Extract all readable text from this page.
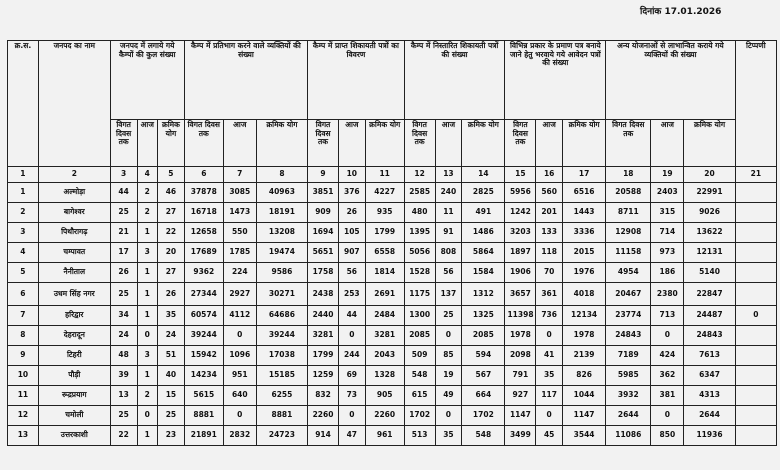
दिनांक 17.01.2026
क्र.स.	जनपद का नाम	जनपद में लगाये गये कैम्पों की कुल संख्या			कैम्प में प्रतिभाग करने वाले व्यक्तियों की संख्या			कैम्प में प्राप्त शिकायती पत्रों का विवरण			कैम्प में निस्तारित शिकायती पत्रों की संख्या			विभिन्न प्रकार के प्रमाण पत्र बनाये जाने हेतु भरवाये गये आवेदन पत्रों की संख्या			अन्य योजनाओं से लाभान्वित कराये गये व्यक्तियों की संख्या			टिप्पणी
		विगत दिवस तक	आज	क्रमिक योग	विगत दिवस तक	आज	क्रमिक योग	विगत दिवस तक	आज	क्रमिक योग	विगत दिवस तक	आज	क्रमिक योग	विगत दिवस तक	आज	क्रमिक योग	विगत दिवस तक	आज	क्रमिक योग	
1	2	3	4	5	6	7	8	9	10	11	12	13	14	15	16	17	18	19	20	21
1	अल्मोड़ा	44	2	46	37878	3085	40963	3851	376	4227	2585	240	2825	5956	560	6516	20588	2403	22991	
2	बागेश्वर	25	2	27	16718	1473	18191	909	26	935	480	11	491	1242	201	1443	8711	315	9026	
3	पिथौरागढ़	21	1	22	12658	550	13208	1694	105	1799	1395	91	1486	3203	133	3336	12908	714	13622	
4	चम्पावत	17	3	20	17689	1785	19474	5651	907	6558	5056	808	5864	1897	118	2015	11158	973	12131	
5	नैनीताल	26	1	27	9362	224	9586	1758	56	1814	1528	56	1584	1906	70	1976	4954	186	5140	
6	उधम सिंह नगर	25	1	26	27344	2927	30271	2438	253	2691	1175	137	1312	3657	361	4018	20467	2380	22847	
7	हरिद्वार	34	1	35	60574	4112	64686	2440	44	2484	1300	25	1325	11398	736	12134	23774	713	24487	0
8	देहरादून	24	0	24	39244	0	39244	3281	0	3281	2085	0	2085	1978	0	1978	24843	0	24843	
9	टिहरी	48	3	51	15942	1096	17038	1799	244	2043	509	85	594	2098	41	2139	7189	424	7613	
10	पौड़ी	39	1	40	14234	951	15185	1259	69	1328	548	19	567	791	35	826	5985	362	6347	
11	रूद्रप्रयाग	13	2	15	5615	640	6255	832	73	905	615	49	664	927	117	1044	3932	381	4313	
12	चमोली	25	0	25	8881	0	8881	2260	0	2260	1702	0	1702	1147	0	1147	2644	0	2644	
13	उत्तरकाशी	22	1	23	21891	2832	24723	914	47	961	513	35	548	3499	45	3544	11086	850	11936	
